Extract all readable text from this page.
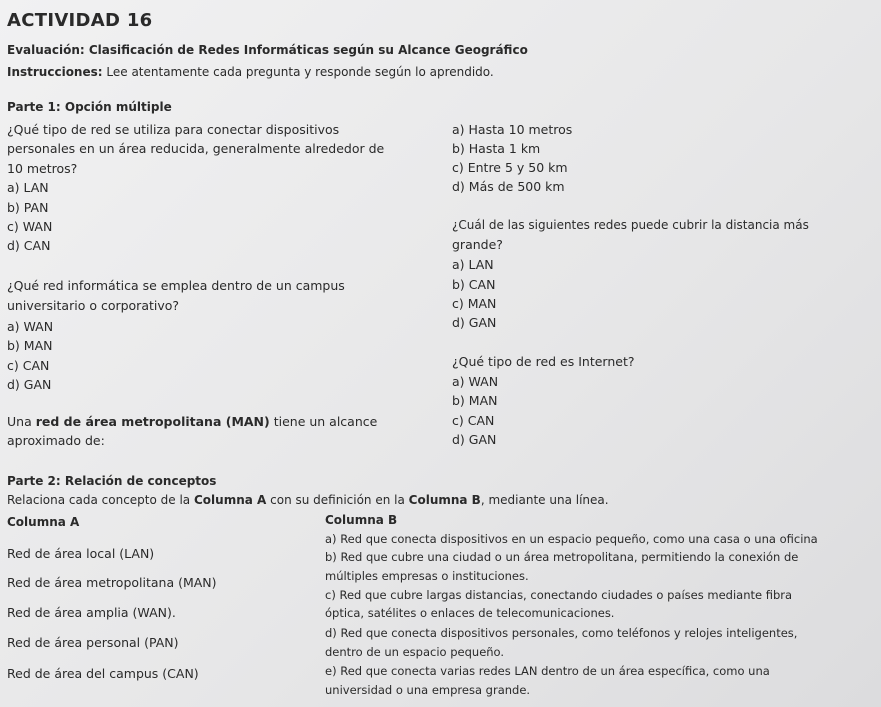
ACTIVIDAD 16
Evaluación: Clasificación de Redes Informáticas según su Alcance Geográfico
Instrucciones: Lee atentamente cada pregunta y responde según lo aprendido.
Parte 1: Opción múltiple
¿Qué tipo de red se utiliza para conectar dispositivos
personales en un área reducida, generalmente alrededor de
10 metros?
a) LAN
b) PAN
c) WAN
d) CAN
¿Qué red informática se emplea dentro de un campus
universitario o corporativo?
a) WAN
b) MAN
c) CAN
d) GAN
Una red de área metropolitana (MAN) tiene un alcance
aproximado de:
a) Hasta 10 metros
b) Hasta 1 km
c) Entre 5 y 50 km
d) Más de 500 km
¿Cuál de las siguientes redes puede cubrir la distancia más
grande?
a) LAN
b) CAN
c) MAN
d) GAN
¿Qué tipo de red es Internet?
a) WAN
b) MAN
c) CAN
d) GAN
Parte 2: Relación de conceptos
Relaciona cada concepto de la Columna A con su definición en la Columna B, mediante una línea.
Columna A	Columna B
Red de área local (LAN)
Red de área metropolitana (MAN)
Red de área amplia (WAN).
Red de área personal (PAN)
Red de área del campus (CAN)
a) Red que conecta dispositivos en un espacio pequeño, como una casa o una oficina
b) Red que cubre una ciudad o un área metropolitana, permitiendo la conexión de
múltiples empresas o instituciones.
c) Red que cubre largas distancias, conectando ciudades o países mediante fibra
óptica, satélites o enlaces de telecomunicaciones.
d) Red que conecta dispositivos personales, como teléfonos y relojes inteligentes,
dentro de un espacio pequeño.
e) Red que conecta varias redes LAN dentro de un área específica, como una
universidad o una empresa grande.
